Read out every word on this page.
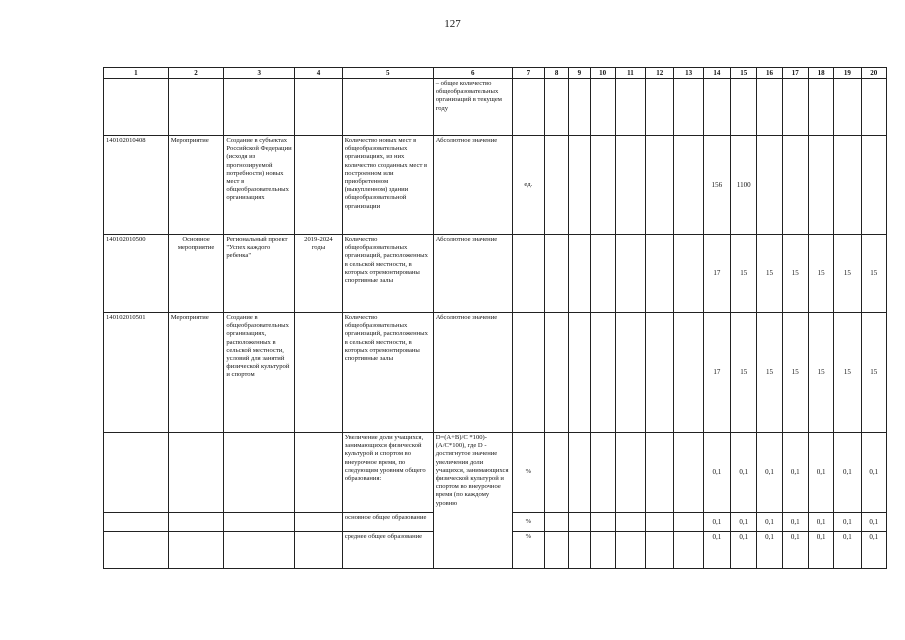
127
1	2	3	4	5	6	7	8	9	10	11	12	13	14	15	16	17	18	19	20
					– общее количество общеобразовательных организаций в текущем году														
140102010408	Мероприятие	Создание в субъектах Российской Федерации (исходя из прогнозируемой потребности) новых мест в общеобразовательных организациях		Количество новых мест в общеобразовательных организациях, из них количество созданных мест в построенном или приобретенном (выкупленном) здании общеобразовательной организации	Абсолютное значение	ед.							156	1100					
140102010500	Основное мероприятие	Региональный проект "Успех каждого ребенка"	2019-2024 годы	Количество общеобразовательных организаций, расположенных в сельской местности, в которых отремонтированы спортивные залы	Абсолютное значение								17	15	15	15	15	15	15
140102010501	Мероприятие	Создание в общеобразовательных организациях, расположенных в сельской местности, условий для занятий физической культурой и спортом		Количество общеобразовательных организаций, расположенных в сельской местности, в которых отремонтированы спортивные залы	Абсолютное значение								17	15	15	15	15	15	15
				Увеличение доли учащихся, занимающихся физической культурой и спортом во внеурочное время, по следующим уровням общего образования:	D=(A+B)/C *100)-(A/C*100), где D - достигнутое значение увеличения доли учащихся, занимающихся физической культурой и спортом во внеурочное время (по каждому уровню	%							0,1	0,1	0,1	0,1	0,1	0,1	0,1
				основное общее образование		%							0,1	0,1	0,1	0,1	0,1	0,1	0,1
				среднее общее образование		%							0,1	0,1	0,1	0,1	0,1	0,1	0,1
